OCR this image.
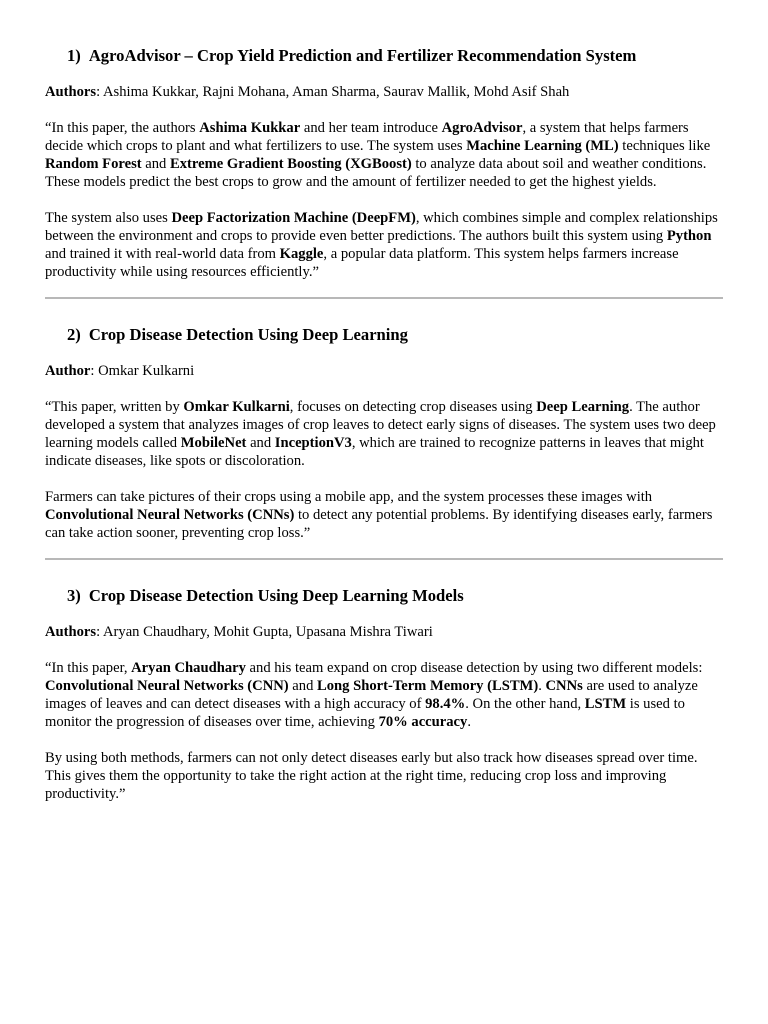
1) AgroAdvisor – Crop Yield Prediction and Fertilizer Recommendation System

Authors: Ashima Kukkar, Rajni Mohana, Aman Sharma, Saurav Mallik, Mohd Asif Shah

“In this paper, the authors Ashima Kukkar and her team introduce AgroAdvisor, a system that helps farmers decide which crops to plant and what fertilizers to use. The system uses Machine Learning (ML) techniques like Random Forest and Extreme Gradient Boosting (XGBoost) to analyze data about soil and weather conditions. These models predict the best crops to grow and the amount of fertilizer needed to get the highest yields.

The system also uses Deep Factorization Machine (DeepFM), which combines simple and complex relationships between the environment and crops to provide even better predictions. The authors built this system using Python and trained it with real-world data from Kaggle, a popular data platform. This system helps farmers increase productivity while using resources efficiently.”

2) Crop Disease Detection Using Deep Learning

Author: Omkar Kulkarni

“This paper, written by Omkar Kulkarni, focuses on detecting crop diseases using Deep Learning. The author developed a system that analyzes images of crop leaves to detect early signs of diseases. The system uses two deep learning models called MobileNet and InceptionV3, which are trained to recognize patterns in leaves that might indicate diseases, like spots or discoloration.

Farmers can take pictures of their crops using a mobile app, and the system processes these images with Convolutional Neural Networks (CNNs) to detect any potential problems. By identifying diseases early, farmers can take action sooner, preventing crop loss.”

3) Crop Disease Detection Using Deep Learning Models

Authors: Aryan Chaudhary, Mohit Gupta, Upasana Mishra Tiwari

“In this paper, Aryan Chaudhary and his team expand on crop disease detection by using two different models: Convolutional Neural Networks (CNN) and Long Short-Term Memory (LSTM). CNNs are used to analyze images of leaves and can detect diseases with a high accuracy of 98.4%. On the other hand, LSTM is used to monitor the progression of diseases over time, achieving 70% accuracy.

By using both methods, farmers can not only detect diseases early but also track how diseases spread over time. This gives them the opportunity to take the right action at the right time, reducing crop loss and improving productivity.”
